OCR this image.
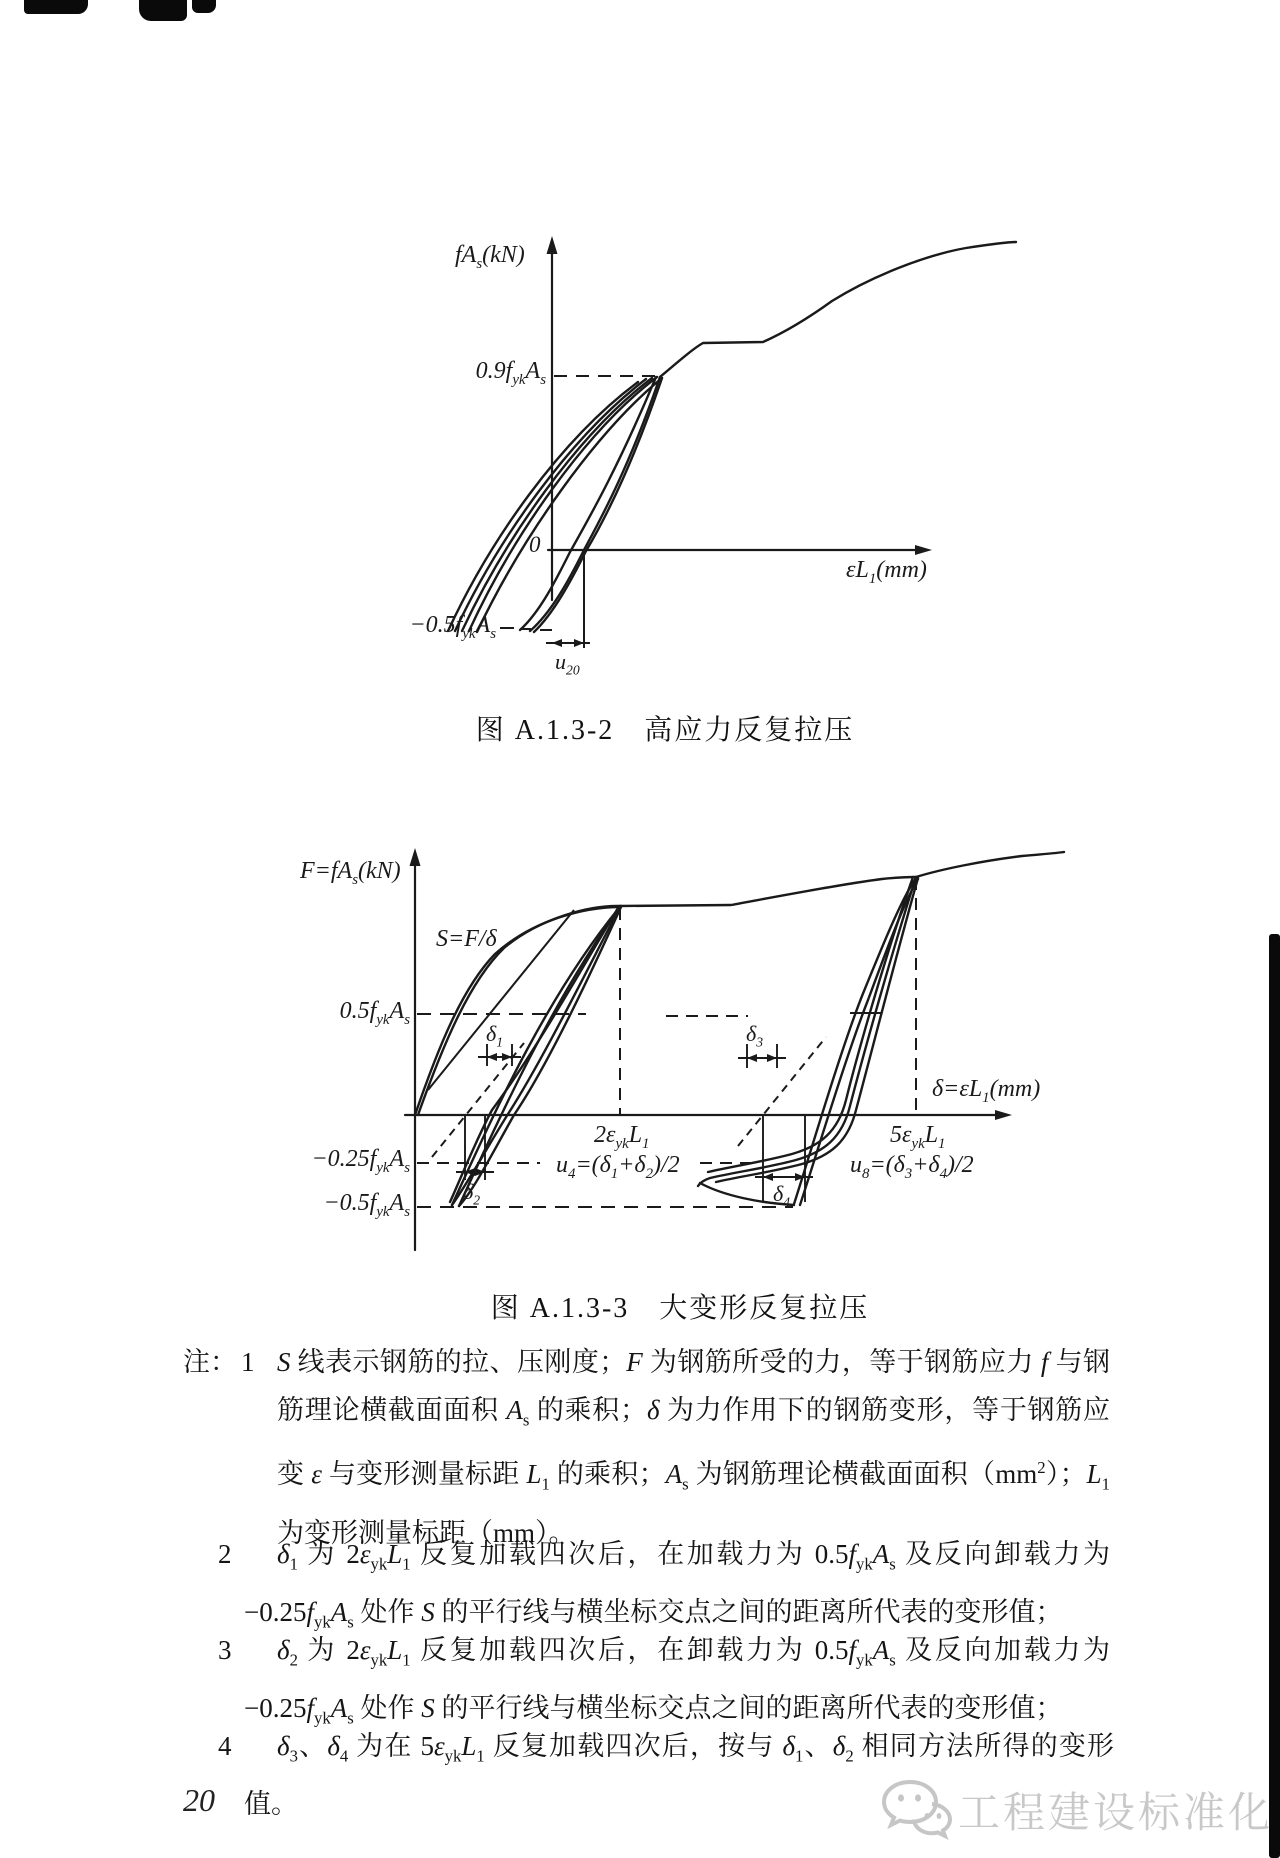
$fA_s(kN)$
$0.9f_{yk}A_s$
0
$\varepsilon L_1(mm)$
$-0.5f_{yk}A_s$
$u_{20}$
图 A.1.3-2　高应力反复拉压
$F=fA_s(kN)$
S=F/δ
$0.5f_{yk}A_s$
$-0.25f_{yk}A_s$
$-0.5f_{yk}A_s$
$\delta_1$
$\delta_2$
$\delta_3$
$\delta_4$
$2\varepsilon_{yk}L_1$
$u_4=(\delta_1+\delta_2)/2$
$5\varepsilon_{yk}L_1$
$u_8=(\delta_3+\delta_4)/2$
$\delta=\varepsilon L_1(mm)$
图 A.1.3-3　大变形反复拉压
注： 1 S 线表示钢筋的拉、压刚度；F 为钢筋所受的力，等于钢筋应力 f 与钢筋理论横截面面积 $A_s$ 的乘积；δ 为力作用下的钢筋变形，等于钢筋应变 ε 与变形测量标距 $L_1$ 的乘积；$A_s$ 为钢筋理论横截面面积$(mm^2)$；$L_1$ 为变形测量标距（mm）。
2	$\delta_1$ 为 $2\varepsilon_{yk}L_1$ 反复加载四次后，在加载力为 $0.5f_{yk}A_s$ 及反向卸载力为 $-0.25f_{yk}A_s$ 处作 S 的平行线与横坐标交点之间的距离所代表的变形值；
3	$\delta_2$ 为 $2\varepsilon_{yk}L_1$ 反复加载四次后，在卸载力为 $0.5f_{yk}A_s$ 及反向加载力为 $-0.25f_{yk}A_s$ 处作 S 的平行线与横坐标交点之间的距离所代表的变形值；
4	$\delta_3$、$\delta_4$ 为在 $5\varepsilon_{yk}L_1$ 反复加载四次后，按与 $\delta_1$、$\delta_2$ 相同方法所得的变形值。
20	工程建设标准化
